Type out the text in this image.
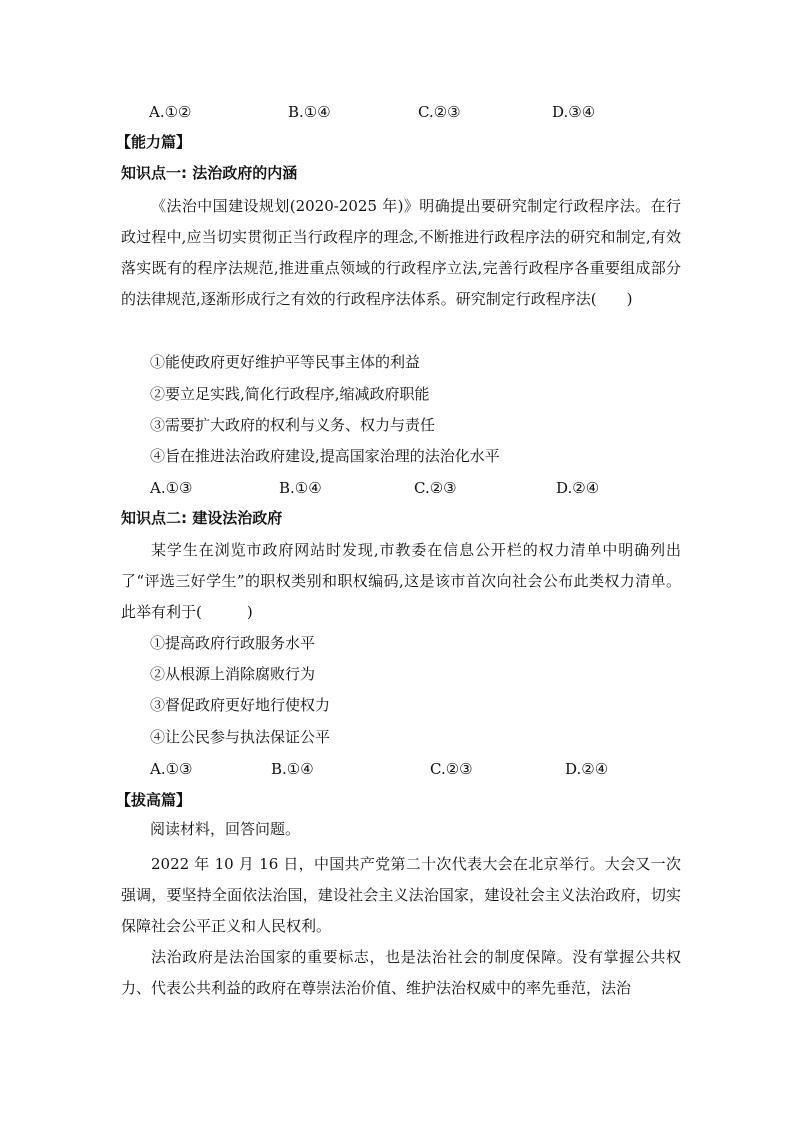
A.①②	B.①④	C.②③	D.③④
【能力篇】
知识点一: 法治政府的内涵
《法治中国建设规划(2020-2025 年)》明确提出要研究制定行政程序法。在行政过程中,应当切实贯彻正当行政程序的理念,不断推进行政程序法的研究和制定,有效落实既有的程序法规范,推进重点领域的行政程序立法,完善行政程序各重要组成部分的法律规范,逐渐形成行之有效的行政程序法体系。研究制定行政程序法(　　)
①能使政府更好维护平等民事主体的利益
②要立足实践,简化行政程序,缩减政府职能
③需要扩大政府的权利与义务、权力与责任
④旨在推进法治政府建设,提高国家治理的法治化水平
A.①③	B.①④	C.②③	D.②④
知识点二: 建设法治政府
某学生在浏览市政府网站时发现,市教委在信息公开栏的权力清单中明确列出了“评选三好学生”的职权类别和职权编码,这是该市首次向社会公布此类权力清单。此举有利于(　　　)
①提高政府行政服务水平
②从根源上消除腐败行为
③督促政府更好地行使权力
④让公民参与执法保证公平
A.①③	B.①④	C.②③	D.②④
【拔高篇】
阅读材料，回答问题。
2022 年 10 月 16 日，中国共产党第二十次代表大会在北京举行。大会又一次强调，要坚持全面依法治国，建设社会主义法治国家，建设社会主义法治政府，切实保障社会公平正义和人民权利。
法治政府是法治国家的重要标志，也是法治社会的制度保障。没有掌握公共权力、代表公共利益的政府在尊崇法治价值、维护法治权威中的率先垂范，法治
